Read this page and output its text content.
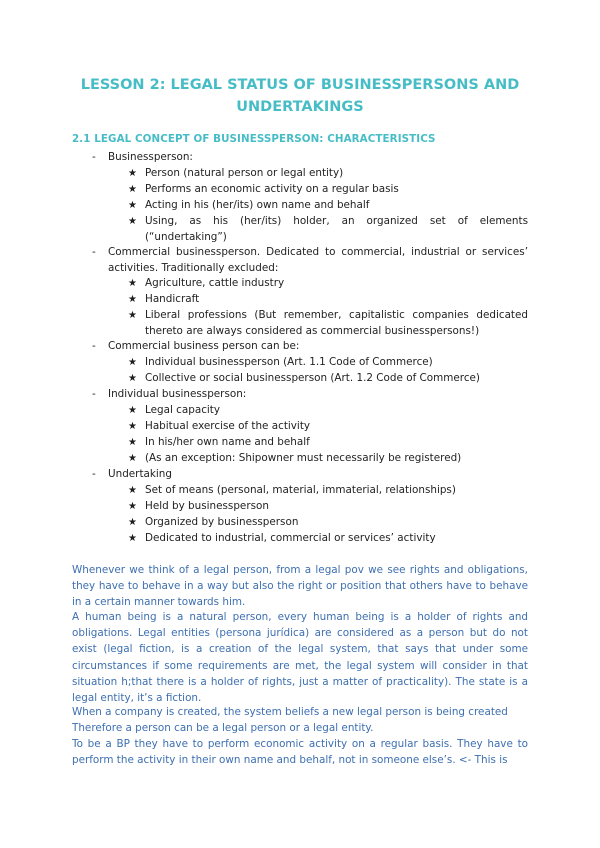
LESSON 2: LEGAL STATUS OF BUSINESSPERSONS AND
UNDERTAKINGS
2.1 LEGAL CONCEPT OF BUSINESSPERSON: CHARACTERISTICS
- Businessperson:
★ Person (natural person or legal entity)
★ Performs an economic activity on a regular basis
★ Acting in his (her/its) own name and behalf
★ Using, as his (her/its) holder, an organized set of elements (“undertaking”)
- Commercial businessperson. Dedicated to commercial, industrial or services’ activities. Traditionally excluded:
★ Agriculture, cattle industry
★ Handicraft
★ Liberal professions (But remember, capitalistic companies dedicated thereto are always considered as commercial businesspersons!)
- Commercial business person can be:
★ Individual businessperson (Art. 1.1 Code of Commerce)
★ Collective or social businessperson (Art. 1.2 Code of Commerce)
- Individual businessperson:
★ Legal capacity
★ Habitual exercise of the activity
★ In his/her own name and behalf
★ (As an exception: Shipowner must necessarily be registered)
- Undertaking
★ Set of means (personal, material, immaterial, relationships)
★ Held by businessperson
★ Organized by businessperson
★ Dedicated to industrial, commercial or services’ activity
Whenever we think of a legal person, from a legal pov we see rights and obligations, they have to behave in a way but also the right or position that others have to behave in a certain manner towards him.
A human being is a natural person, every human being is a holder of rights and obligations. Legal entities (persona jurídica) are considered as a person but do not exist (legal fiction, is a creation of the legal system, that says that under some circumstances if some requirements are met, the legal system will consider in that situation h;that there is a holder of rights, just a matter of practicality). The state is a legal entity, it’s a fiction.
When a company is created, the system beliefs a new legal person is being created
Therefore a person can be a legal person or a legal entity.
To be a BP they have to perform economic activity on a regular basis. They have to perform the activity in their own name and behalf, not in someone else’s. <- This is
